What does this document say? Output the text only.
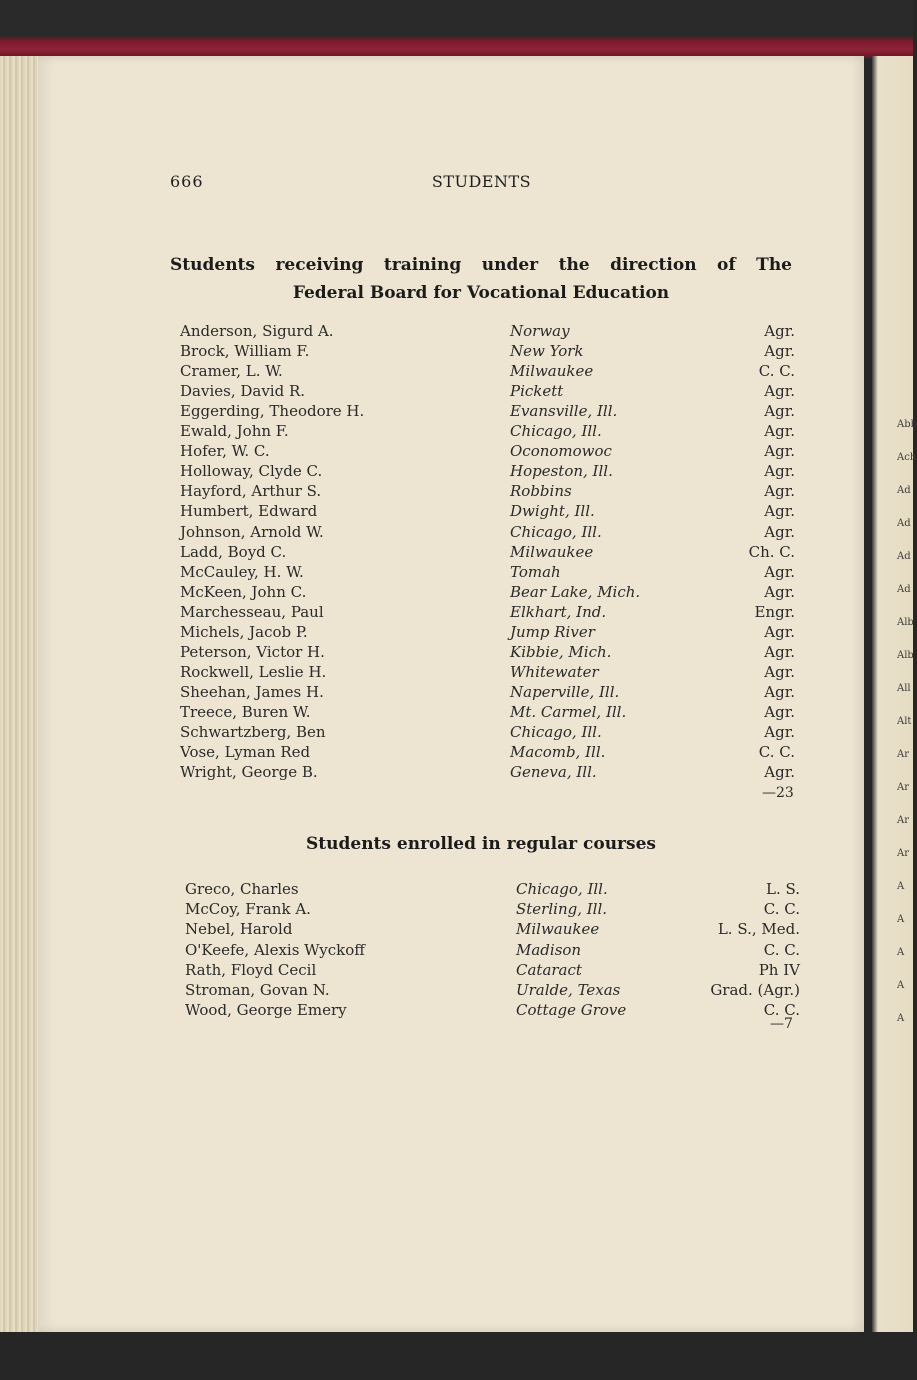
Abb
Ach
Ad
Ad
Ad
Ad
Alb
Alb
All
Alt
Ar
Ar
Ar
Ar
A
A
A
A
A
666	STUDENTS
Students receiving training under the direction of The
Federal Board for Vocational Education
Anderson, Sigurd A.	Norway	Agr.
Brock, William F.	New York	Agr.
Cramer, L. W.	Milwaukee	C. C.
Davies, David R.	Pickett	Agr.
Eggerding, Theodore H.	Evansville, Ill.	Agr.
Ewald, John F.	Chicago, Ill.	Agr.
Hofer, W. C.	Oconomowoc	Agr.
Holloway, Clyde C.	Hopeston, Ill.	Agr.
Hayford, Arthur S.	Robbins	Agr.
Humbert, Edward	Dwight, Ill.	Agr.
Johnson, Arnold W.	Chicago, Ill.	Agr.
Ladd, Boyd C.	Milwaukee	Ch. C.
McCauley, H. W.	Tomah	Agr.
McKeen, John C.	Bear Lake, Mich.	Agr.
Marchesseau, Paul	Elkhart, Ind.	Engr.
Michels, Jacob P.	Jump River	Agr.
Peterson, Victor H.	Kibbie, Mich.	Agr.
Rockwell, Leslie H.	Whitewater	Agr.
Sheehan, James H.	Naperville, Ill.	Agr.
Treece, Buren W.	Mt. Carmel, Ill.	Agr.
Schwartzberg, Ben	Chicago, Ill.	Agr.
Vose, Lyman Red	Macomb, Ill.	C. C.
Wright, George B.	Geneva, Ill.	Agr.
—23
Students enrolled in regular courses
Greco, Charles	Chicago, Ill.	L. S.
McCoy, Frank A.	Sterling, Ill.	C. C.
Nebel, Harold	Milwaukee	L. S., Med.
O'Keefe, Alexis Wyckoff	Madison	C. C.
Rath, Floyd Cecil	Cataract	Ph IV
Stroman, Govan N.	Uralde, Texas	Grad. (Agr.)
Wood, George Emery	Cottage Grove	C. C.
—7
